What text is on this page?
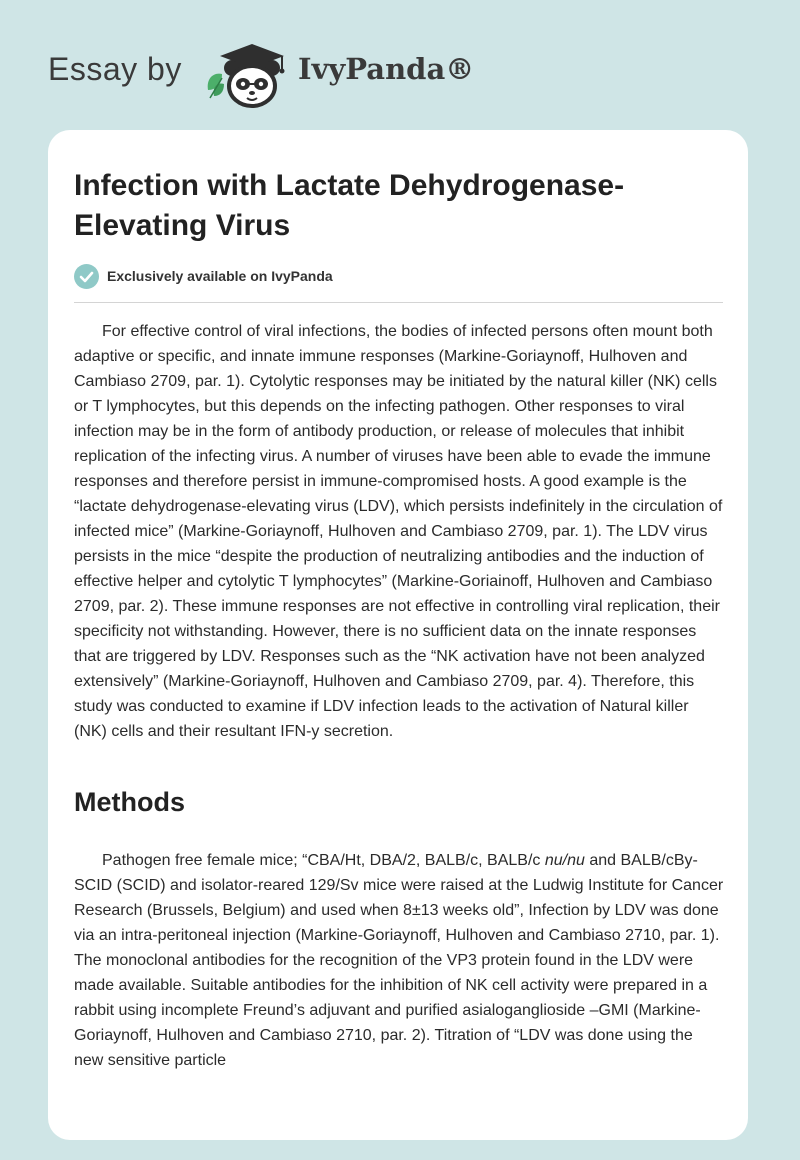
Essay by	IvyPanda®
Infection with Lactate Dehydrogenase-Elevating Virus
Exclusively available on IvyPanda

For effective control of viral infections, the bodies of infected persons often mount both adaptive or specific, and innate immune responses (Markine-Goriaynoff, Hulhoven and Cambiaso 2709, par. 1). Cytolytic responses may be initiated by the natural killer (NK) cells or T lymphocytes, but this depends on the infecting pathogen. Other responses to viral infection may be in the form of antibody production, or release of molecules that inhibit replication of the infecting virus. A number of viruses have been able to evade the immune responses and therefore persist in immune-compromised hosts. A good example is the “lactate dehydrogenase-elevating virus (LDV), which persists indefinitely in the circulation of infected mice” (Markine-Goriaynoff, Hulhoven and Cambiaso 2709, par. 1). The LDV virus persists in the mice “despite the production of neutralizing antibodies and the induction of effective helper and cytolytic T lymphocytes” (Markine-Goriainoff, Hulhoven and Cambiaso 2709, par. 2). These immune responses are not effective in controlling viral replication, their specificity not withstanding. However, there is no sufficient data on the innate responses that are triggered by LDV. Responses such as the “NK activation have not been analyzed extensively” (Markine-Goriaynoff, Hulhoven and Cambiaso 2709, par. 4). Therefore, this study was conducted to examine if LDV infection leads to the activation of Natural killer (NK) cells and their resultant IFN-y secretion.

Methods

Pathogen free female mice; “CBA/Ht, DBA/2, BALB/c, BALB/c nu/nu and BALB/cBy-SCID (SCID) and isolator-reared 129/Sv mice were raised at the Ludwig Institute for Cancer Research (Brussels, Belgium) and used when 8±13 weeks old”, Infection by LDV was done via an intra-peritoneal injection (Markine-Goriaynoff, Hulhoven and Cambiaso 2710, par. 1). The monoclonal antibodies for the recognition of the VP3 protein found in the LDV were made available. Suitable antibodies for the inhibition of NK cell activity were prepared in a rabbit using incomplete Freund’s adjuvant and purified asialoganglioside –GMI (Markine-Goriaynoff, Hulhoven and Cambiaso 2710, par. 2). Titration of “LDV was done using the new sensitive particle
